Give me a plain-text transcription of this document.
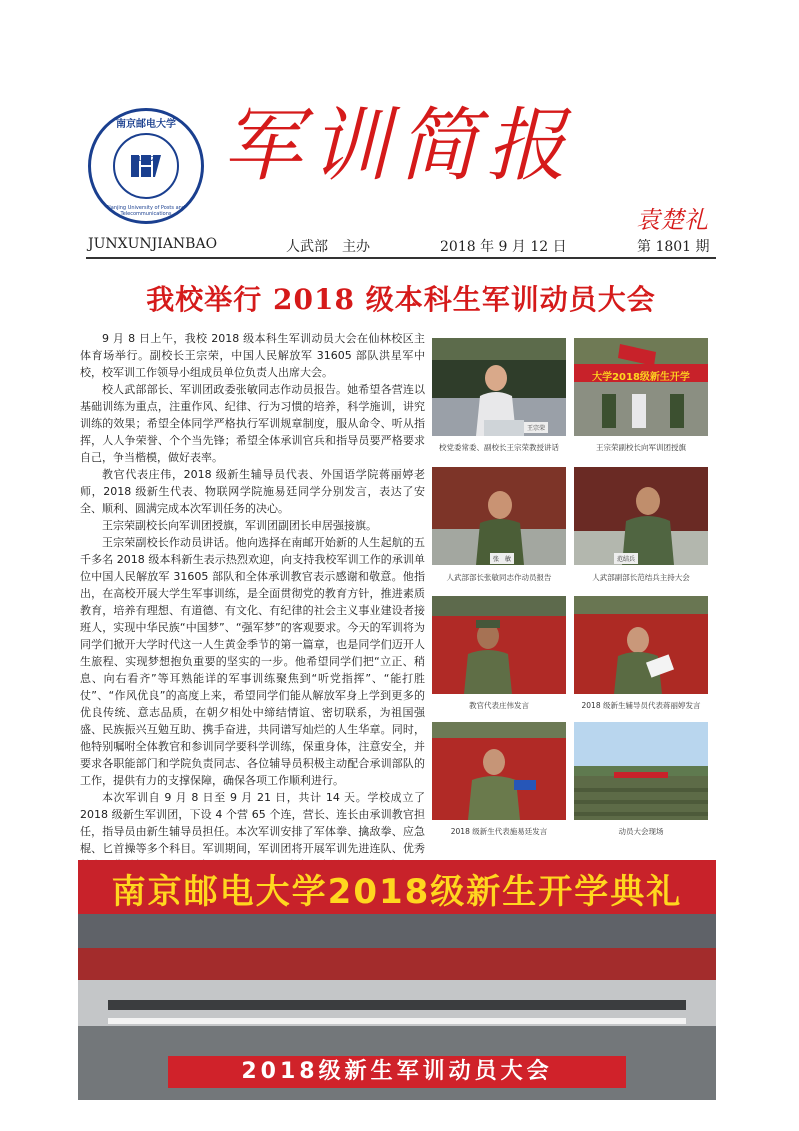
南京邮电大学
Nanjing University of Posts and Telecommunications
军训简报
袁楚礼
JUNXUNJIANBAO	人武部　主办	2018 年 9 月 12 日	第 1801 期
我校举行 2018 级本科生军训动员大会

9 月 8 日上午，我校 2018 级本科生军训动员大会在仙林校区主体育场举行。副校长王宗荣，中国人民解放军 31605 部队洪星军中校，校军训工作领导小组成员单位负责人出席大会。

校人武部部长、军训团政委张敏同志作动员报告。她希望各营连以基础训练为重点，注重作风、纪律、行为习惯的培养，科学施训，讲究训练的效果；希望全体同学严格执行军训规章制度，服从命令、听从指挥，人人争荣誉、个个当先锋；希望全体承训官兵和指导员要严格要求自己，争当楷模，做好表率。

教官代表庄伟，2018 级新生辅导员代表、外国语学院蒋丽婷老师，2018 级新生代表、物联网学院施易廷同学分别发言，表达了安全、顺利、圆满完成本次军训任务的决心。

王宗荣副校长向军训团授旗，军训团副团长申居强接旗。

王宗荣副校长作动员讲话。他向选择在南邮开始新的人生起航的五千多名 2018 级本科新生表示热烈欢迎，向支持我校军训工作的承训单位中国人民解放军 31605 部队和全体承训教官表示感谢和敬意。他指出，在高校开展大学生军事训练，是全面贯彻党的教育方针，推进素质教育，培养有理想、有道德、有文化、有纪律的社会主义事业建设者接班人，实现中华民族“中国梦”、“强军梦”的客观要求。今天的军训将为同学们掀开大学时代这一人生黄金季节的第一篇章，也是同学们迈开人生旅程、实现梦想抱负重要的坚实的一步。他希望同学们把“立正、稍息、向右看齐”等耳熟能详的军事训练聚焦到“听党指挥”、“能打胜仗”、“作风优良”的高度上来，希望同学们能从解放军身上学到更多的优良传统、意志品质，在朝夕相处中缔结情谊、密切联系，为祖国强盛、民族振兴互勉互助、携手奋进，共同谱写灿烂的人生华章。同时，他特别嘱咐全体教官和参训同学要科学训练，保重身体，注意安全，并要求各职能部门和学院负责同志、各位辅导员积极主动配合承训部队的工作，提供有力的支撑保障，确保各项工作顺利进行。

本次军训自 9 月 8 日至 9 月 21 日，共计 14 天。学校成立了 2018 级新生军训团，下设 4 个营 65 个连，营长、连长由承训教官担任，指导员由新生辅导员担任。本次军训安排了军体拳、擒敌拳、应急棍、匕首操等多个科目。军训期间，军训团将开展军训先进连队、优秀

王宗荣
校党委常委、副校长王宗荣教授讲话
大学2018级新生开学
王宗荣副校长向军训团授旗
张　敏
人武部部长张敏同志作动员报告
范结兵
人武部副部长范结兵主持大会
教官代表庄伟发言	2018 级新生辅导员代表蒋丽婷发言
2018 级新生代表施易廷发言	动员大会现场
南京邮电大学2018级新生开学典礼
2018级新生军训动员大会
